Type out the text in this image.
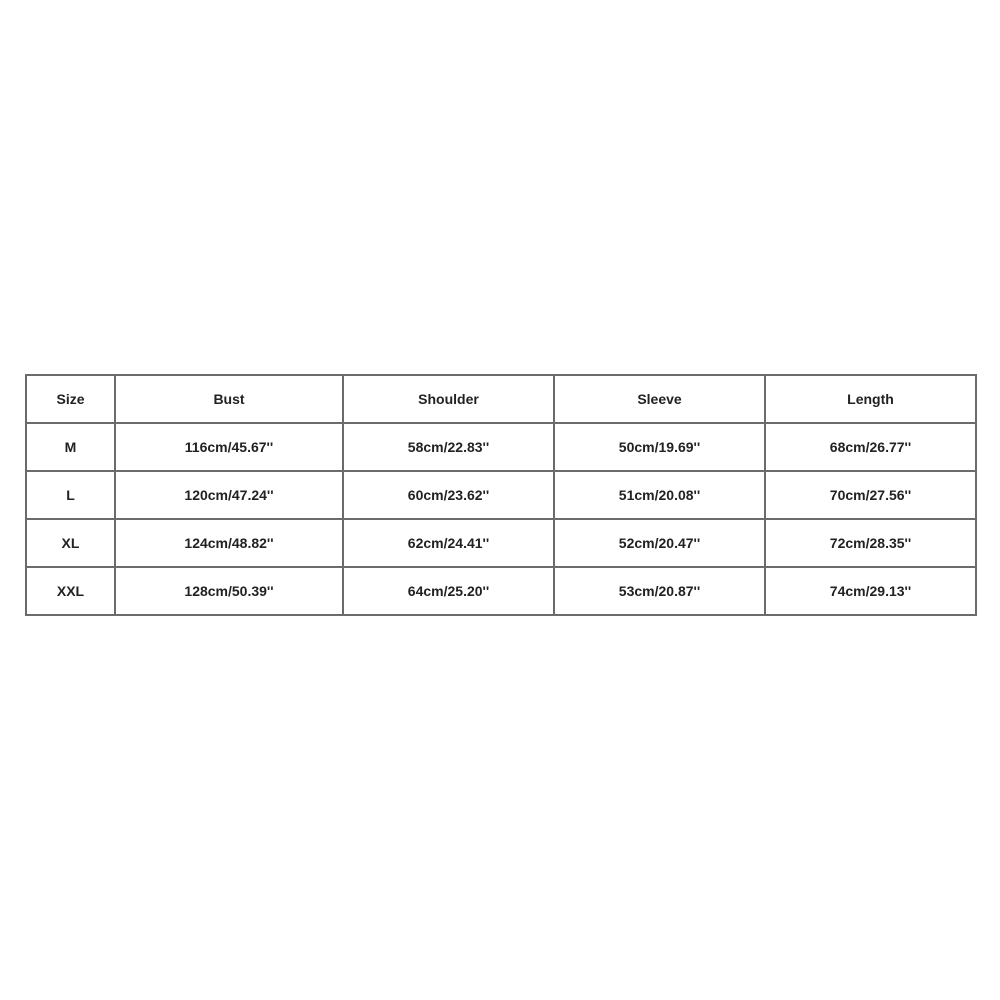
Size	Bust	Shoulder	Sleeve	Length
M	116cm/45.67''	58cm/22.83''	50cm/19.69''	68cm/26.77''
L	120cm/47.24''	60cm/23.62''	51cm/20.08''	70cm/27.56''
XL	124cm/48.82''	62cm/24.41''	52cm/20.47''	72cm/28.35''
XXL	128cm/50.39''	64cm/25.20''	53cm/20.87''	74cm/29.13''
